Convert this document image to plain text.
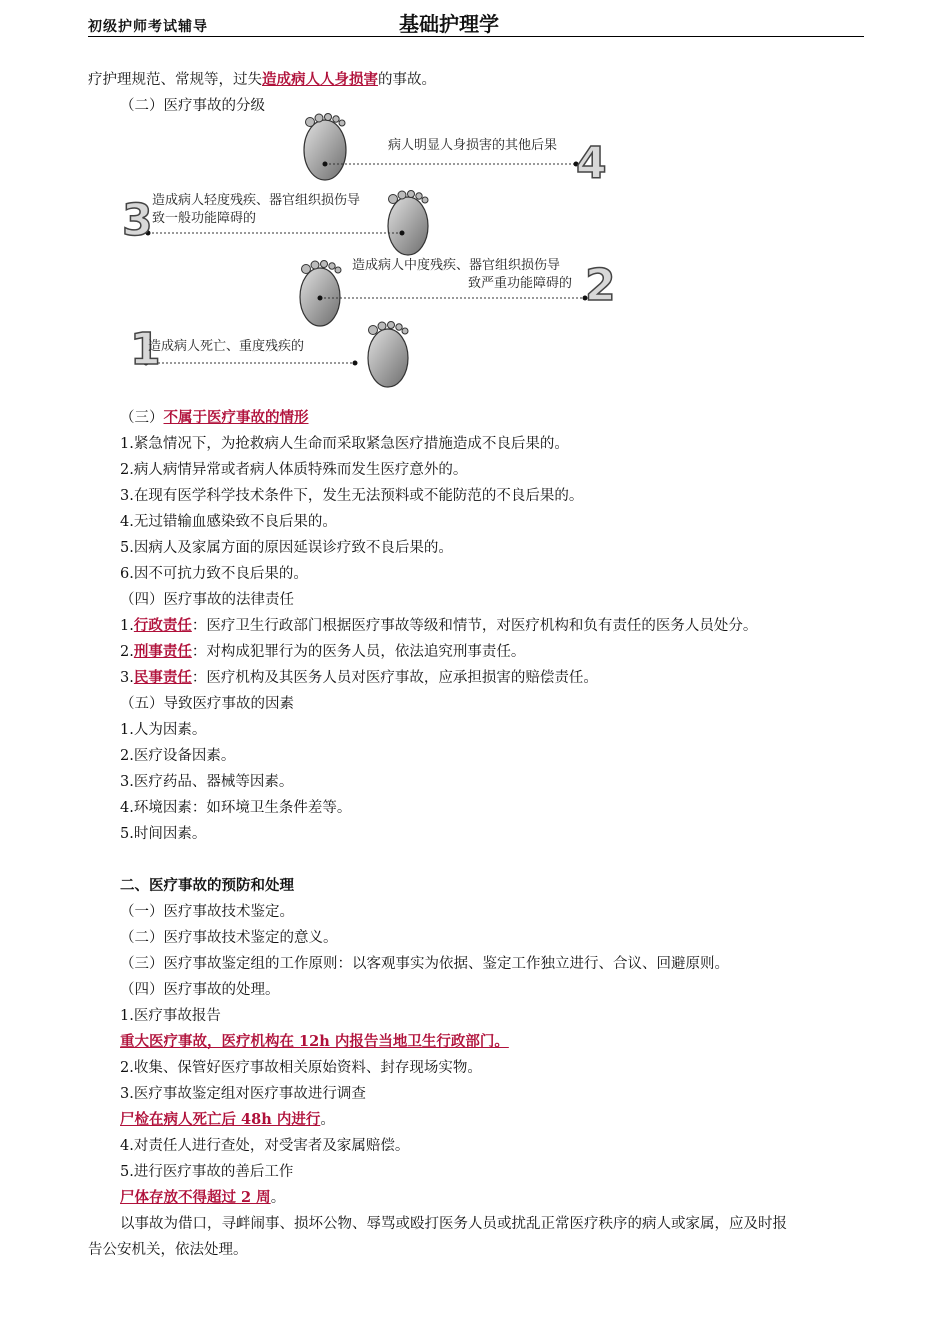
初级护师考试辅导	基础护理学
疗护理规范、常规等，过失造成病人人身损害的事故。
（二）医疗事故的分级
病人明显人身损害的其他后果 4
3 造成病人轻度残疾、器官组织损伤导
致一般功能障碍的
造成病人中度残疾、器官组织损伤导
致严重功能障碍的 2
1
造成病人死亡、重度残疾的
（三）不属于医疗事故的情形
1.紧急情况下，为抢救病人生命而采取紧急医疗措施造成不良后果的。
2.病人病情异常或者病人体质特殊而发生医疗意外的。
3.在现有医学科学技术条件下，发生无法预料或不能防范的不良后果的。
4.无过错输血感染致不良后果的。
5.因病人及家属方面的原因延误诊疗致不良后果的。
6.因不可抗力致不良后果的。
（四）医疗事故的法律责任
1.行政责任：医疗卫生行政部门根据医疗事故等级和情节，对医疗机构和负有责任的医务人员处分。
2.刑事责任：对构成犯罪行为的医务人员，依法追究刑事责任。
3.民事责任：医疗机构及其医务人员对医疗事故，应承担损害的赔偿责任。
（五）导致医疗事故的因素
1.人为因素。
2.医疗设备因素。
3.医疗药品、器械等因素。
4.环境因素：如环境卫生条件差等。
5.时间因素。
二、医疗事故的预防和处理
（一）医疗事故技术鉴定。
（二）医疗事故技术鉴定的意义。
（三）医疗事故鉴定组的工作原则：以客观事实为依据、鉴定工作独立进行、合议、回避原则。
（四）医疗事故的处理。
1.医疗事故报告
重大医疗事故，医疗机构在 12h 内报告当地卫生行政部门。
2.收集、保管好医疗事故相关原始资料、封存现场实物。
3.医疗事故鉴定组对医疗事故进行调查
尸检在病人死亡后 48h 内进行。
4.对责任人进行查处，对受害者及家属赔偿。
5.进行医疗事故的善后工作
尸体存放不得超过 2 周。
以事故为借口，寻衅闹事、损坏公物、辱骂或殴打医务人员或扰乱正常医疗秩序的病人或家属，应及时报
告公安机关，依法处理。
